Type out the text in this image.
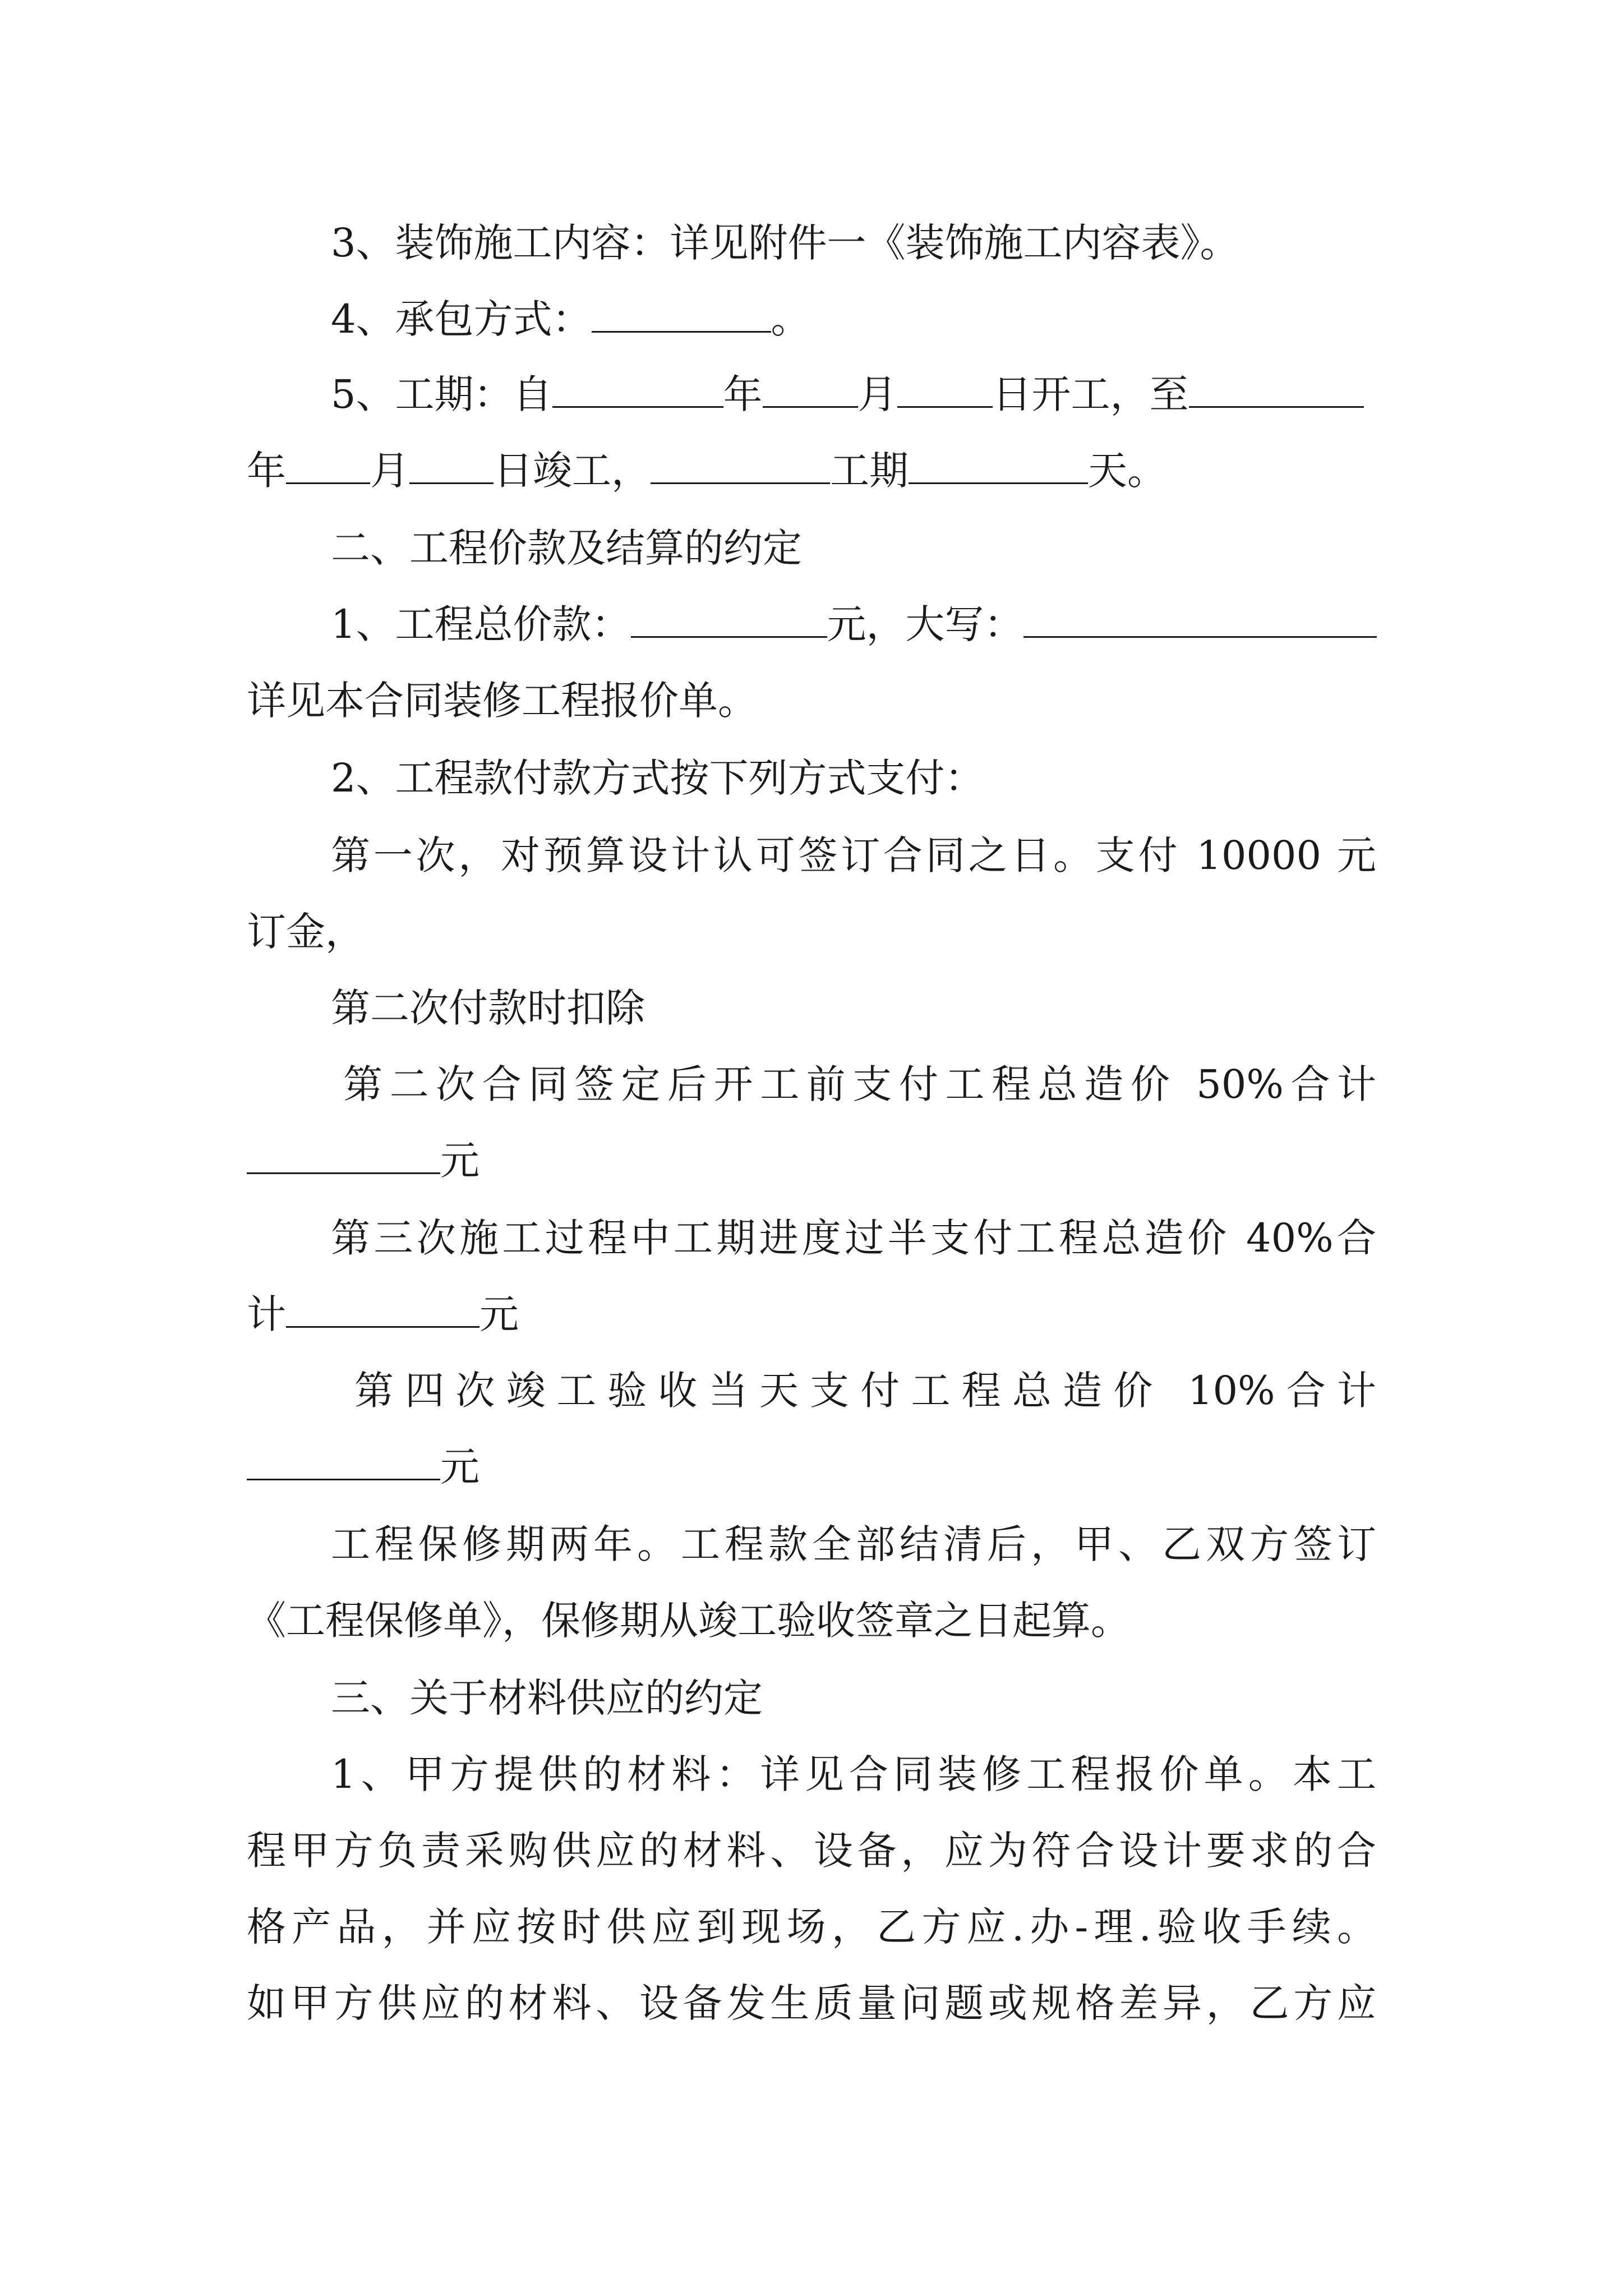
3、装饰施工内容：详见附件一《装饰施工内容表》。
4、承包方式：	。
5、工期：自	年 月 日开工，至
年 月 日竣工，	工期	天。
二、工程价款及结算的约定
1、工程总价款：	元，大写：
详见本合同装修工程报价单。
2、工程款付款方式按下列方式支付：
第一次，对预算设计认可签订合同之日。支付 10000 元
订金，
第二次付款时扣除
第二次合同签定后开工前支付工程总造价 50%合计
元
第三次施工过程中工期进度过半支付工程总造价 40%合
计	元
第四次竣工验收当天支付工程总造价 10%合计
元
工程保修期两年。工程款全部结清后，甲、乙双方签订
《工程保修单》，保修期从竣工验收签章之日起算。
三、关于材料供应的约定
1、甲方提供的材料：详见合同装修工程报价单。本工
程甲方负责采购供应的材料、设备，应为符合设计要求的合
格产品，并应按时供应到现场，乙方应.办-理.验收手续。
如甲方供应的材料、设备发生质量问题或规格差异，乙方应
